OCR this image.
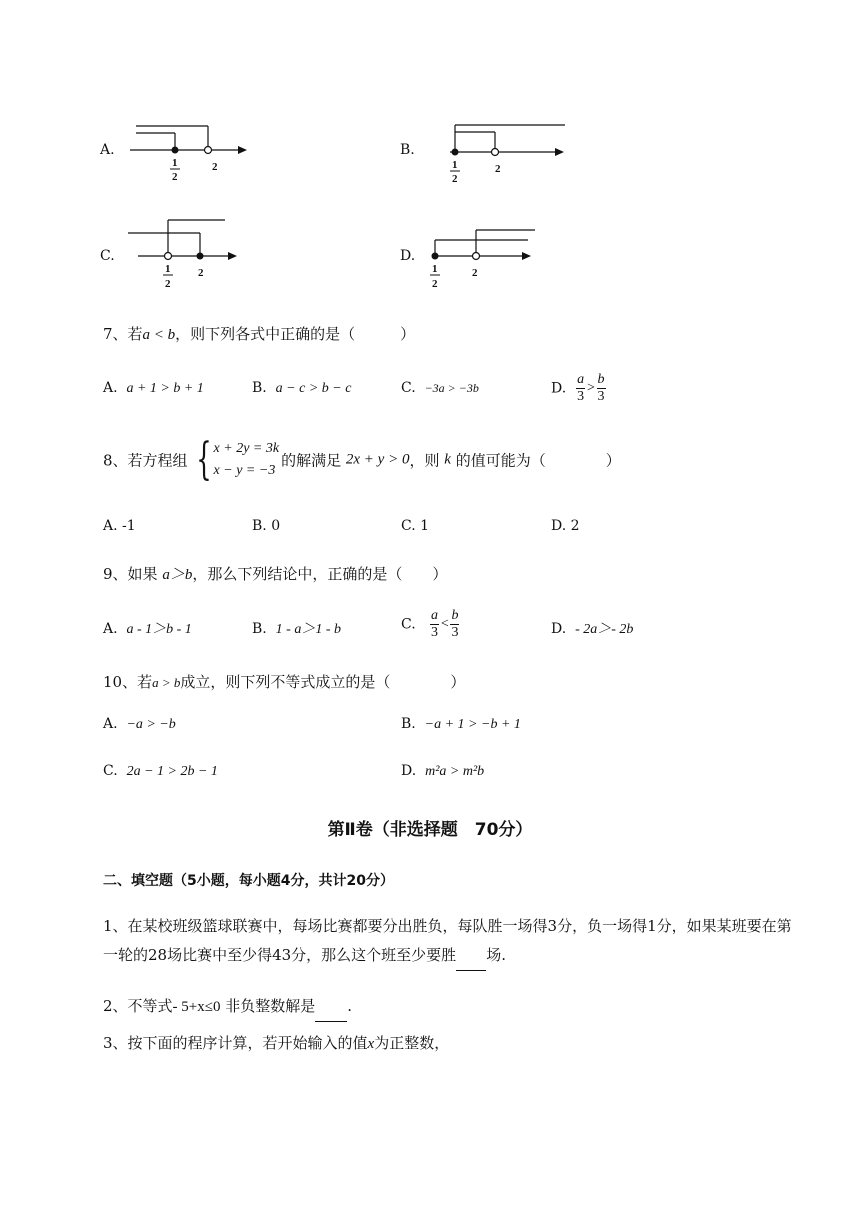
A.
1
2
2
B.
1
2
2
C.
1
2
2
D.
1
2
2
7、若a < b，则下列各式中正确的是（　　　）
A. a + 1 > b + 1	B. a − c > b − c	C. −3a > −3b	D. $\frac{a}{3} > \frac{b}{3}$
8、若方程组 { x + 2y = 3k
x − y = −3
的解满足 2x + y > 0，则 k 的值可能为（　　　　）
A. -1	B. 0	C. 1	D. 2
9、如果 a＞b，那么下列结论中，正确的是（　　）
A. a - 1＞b - 1	B. 1 - a＞1 - b	C. $\frac{a}{3} < \frac{b}{3}$	D. - 2a＞- 2b
10、若a > b成立，则下列不等式成立的是（　　　　）
A. −a > −b	B. −a + 1 > −b + 1
C. 2a − 1 > 2b − 1	D. m²a > m²b
第Ⅱ卷（非选择题　70分）
二、填空题（5小题，每小题4分，共计20分）
1、在某校班级篮球联赛中，每场比赛都要分出胜负，每队胜一场得3分，负一场得1分，如果某班要在第一轮的28场比赛中至少得43分，那么这个班至少要胜 场.
2、不等式- 5+x≤0 非负整数解是 .
3、按下面的程序计算，若开始输入的值x为正整数，
